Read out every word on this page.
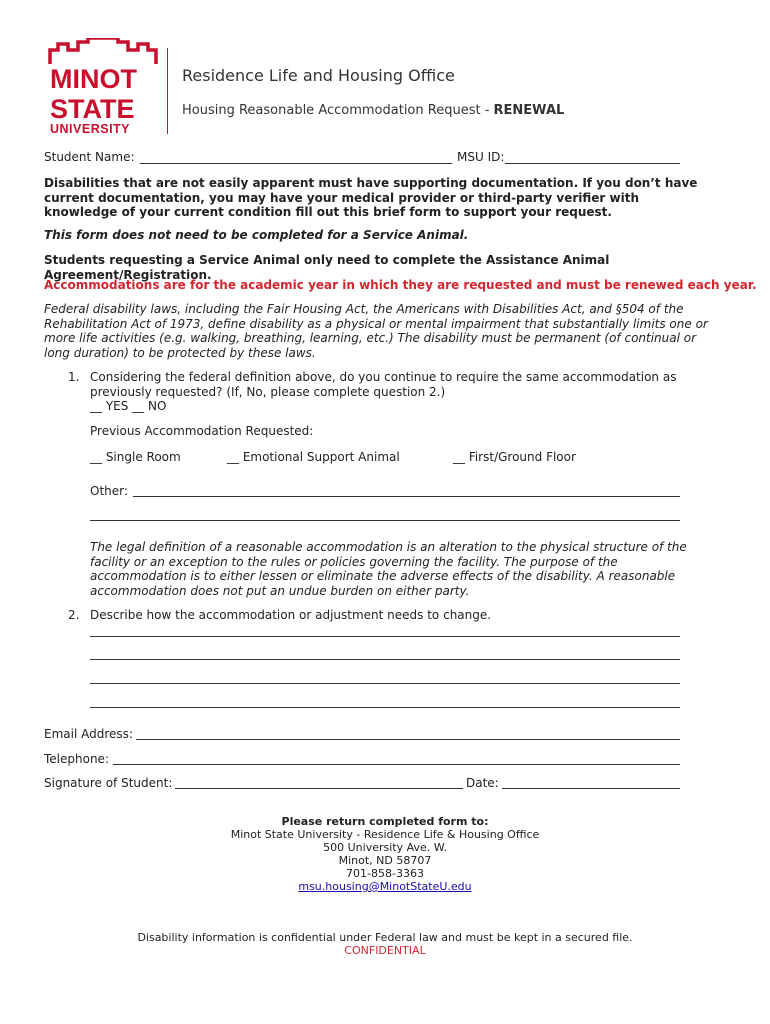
MINOT
STATE
UNIVERSITY
Residence Life and Housing Office
Housing Reasonable Accommodation Request - RENEWAL
Student Name:	MSU ID:
Disabilities that are not easily apparent must have supporting documentation. If you don’t have current documentation, you may have your medical provider or third-party verifier with knowledge of your current condition fill out this brief form to support your request.
This form does not need to be completed for a Service Animal.
Students requesting a Service Animal only need to complete the Assistance Animal Agreement/Registration.
Accommodations are for the academic year in which they are requested and must be renewed each year.
Federal disability laws, including the Fair Housing Act, the Americans with Disabilities Act, and §504 of the Rehabilitation Act of 1973, define disability as a physical or mental impairment that substantially limits one or more life activities (e.g. walking, breathing, learning, etc.) The disability must be permanent (of continual or long duration) to be protected by these laws.
1. Considering the federal definition above, do you continue to require the same accommodation as previously requested? (If, No, please complete question 2.)
__ YES __ NO
Previous Accommodation Requested:
__ Single Room	__ Emotional Support Animal	__ First/Ground Floor
Other:
The legal definition of a reasonable accommodation is an alteration to the physical structure of the facility or an exception to the rules or policies governing the facility. The purpose of the accommodation is to either lessen or eliminate the adverse effects of the disability. A reasonable accommodation does not put an undue burden on either party.
2. Describe how the accommodation or adjustment needs to change.
Email Address:
Telephone:
Signature of Student:	Date:
Please return completed form to:
Minot State University - Residence Life & Housing Office
500 University Ave. W.
Minot, ND 58707
701-858-3363
msu.housing@MinotStateU.edu
Disability information is confidential under Federal law and must be kept in a secured file.
CONFIDENTIAL
